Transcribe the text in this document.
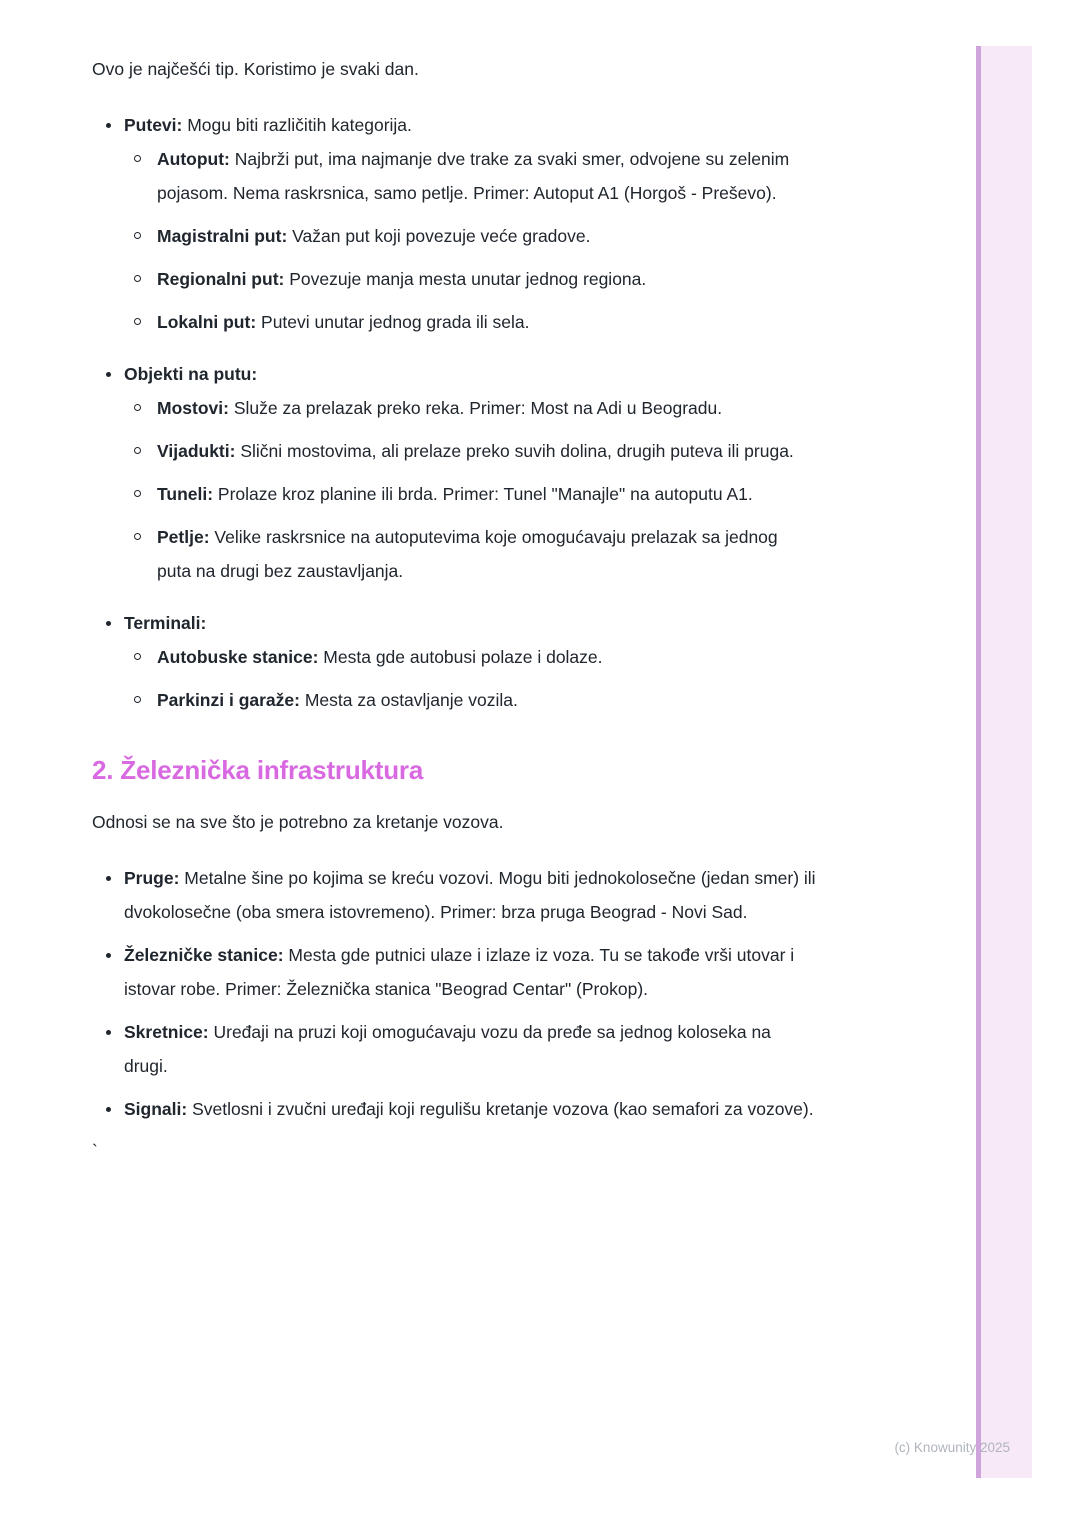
Ovo je najčešći tip. Koristimo je svaki dan.

Putevi: Mogu biti različitih kategorija.
Autoput: Najbrži put, ima najmanje dve trake za svaki smer, odvojene su zelenim pojasom. Nema raskrsnica, samo petlje. Primer: Autoput A1 (Horgoš - Preševo).
Magistralni put: Važan put koji povezuje veće gradove.
Regionalni put: Povezuje manja mesta unutar jednog regiona.
Lokalni put: Putevi unutar jednog grada ili sela.
Objekti na putu:
Mostovi: Služe za prelazak preko reka. Primer: Most na Adi u Beogradu.
Vijadukti: Slični mostovima, ali prelaze preko suvih dolina, drugih puteva ili pruga.
Tuneli: Prolaze kroz planine ili brda. Primer: Tunel "Manajle" na autoputu A1.
Petlje: Velike raskrsnice na autoputevima koje omogućavaju prelazak sa jednog puta na drugi bez zaustavljanja.
Terminali:
Autobuske stanice: Mesta gde autobusi polaze i dolaze.
Parkinzi i garaže: Mesta za ostavljanje vozila.
2. Železnička infrastruktura

Odnosi se na sve što je potrebno za kretanje vozova.

Pruge: Metalne šine po kojima se kreću vozovi. Mogu biti jednokolosečne (jedan smer) ili dvokolosečne (oba smera istovremeno). Primer: brza pruga Beograd - Novi Sad.
Železničke stanice: Mesta gde putnici ulaze i izlaze iz voza. Tu se takođe vrši utovar i istovar robe. Primer: Železnička stanica "Beograd Centar" (Prokop).
Skretnice: Uređaji na pruzi koji omogućavaju vozu da pređe sa jednog koloseka na drugi.
Signali: Svetlosni i zvučni uređaji koji regulišu kretanje vozova (kao semafori za vozove).
`
(c) Knowunity 2025
